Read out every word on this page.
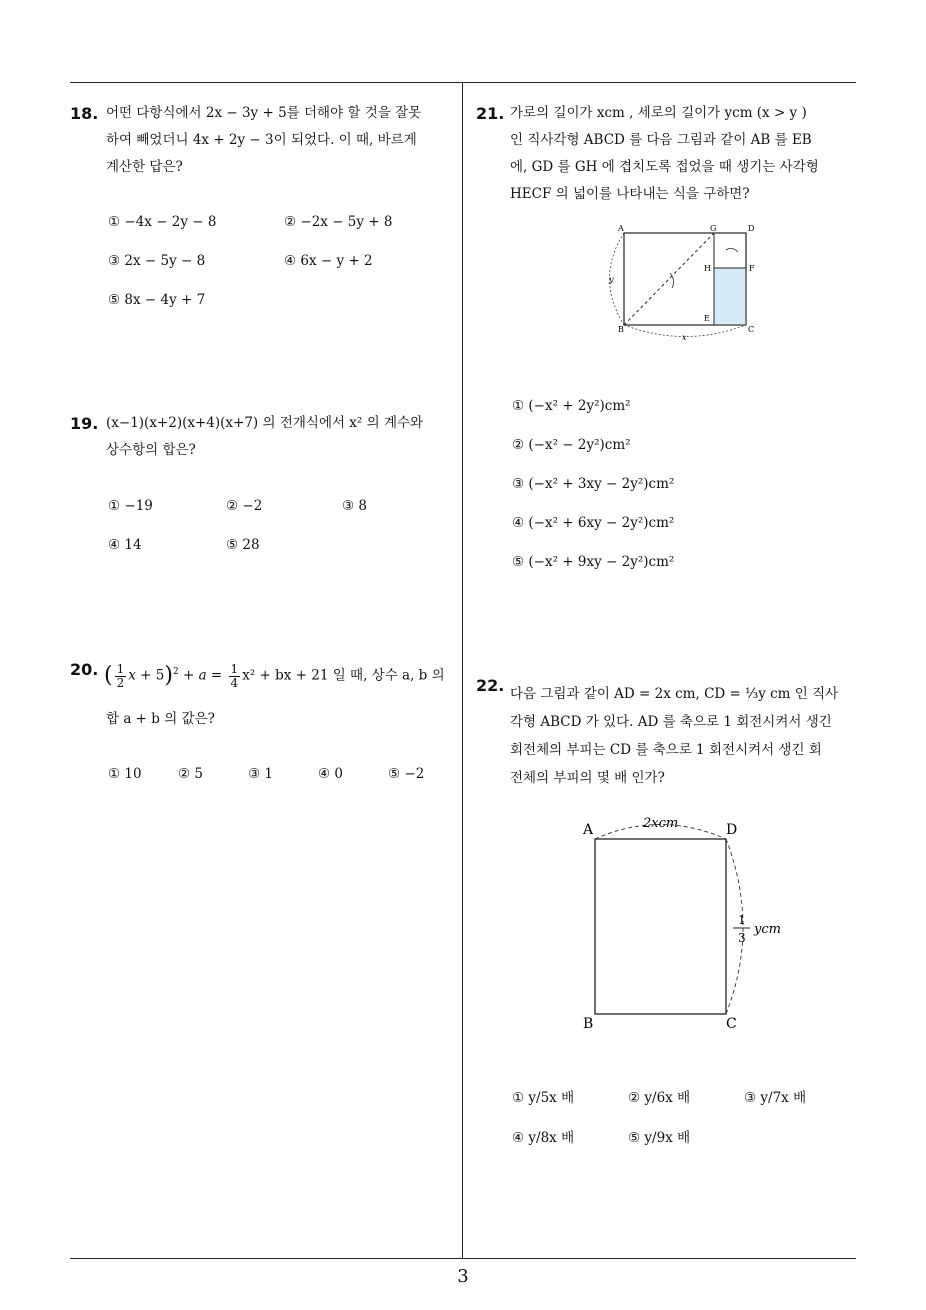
3
18. 어떤 다항식에서 2x − 3y + 5를 더해야 할 것을 잘못
하여 빼었더니 4x + 2y − 3이 되었다. 이 때, 바르게
계산한 답은?
① −4x − 2y − 8	② −2x − 5y + 8
③ 2x − 5y − 8	④ 6x − y + 2
⑤ 8x − 4y + 7
19. (x−1)(x+2)(x+4)(x+7) 의 전개식에서 x² 의 계수와
상수항의 합은?
① −19	② −2	③ 8
④ 14	⑤ 28
20. ( $\frac{1}{2}$ $x + 5)^2 + a = \frac{1}{4} x^2$ + bx + 21 일 때, 상수 a, b 의
합 a + b 의 값은?
① 10	② 5	③ 1	④ 0	⑤ −2
21. 가로의 길이가 xcm , 세로의 길이가 ycm (x > y )
인 직사각형 ABCD 를 다음 그림과 같이 AB 를 EB
에, GD 를 GH 에 겹치도록 접었을 때 생기는 사각형
HECF 의 넓이를 나타내는 식을 구하면?
A	G	D
H	F
B
E
C
y
x
① (−x² + 2y²)cm²
② (−x² − 2y²)cm²
③ (−x² + 3xy − 2y²)cm²
④ (−x² + 6xy − 2y²)cm²
⑤ (−x² + 9xy − 2y²)cm²
22. 다음 그림과 같이 AD = 2x cm, CD = ⅓y cm 인 직사
각형 ABCD 가 있다. AD 를 축으로 1 회전시켜서 생긴
회전체의 부피는 CD 를 축으로 1 회전시켜서 생긴 회
전체의 부피의 몇 배 인가?
A	D
B	C
2xcm
1
3
ycm
① y/5x 배	② y/6x 배	③ y/7x 배
④ y/8x 배	⑤ y/9x 배
